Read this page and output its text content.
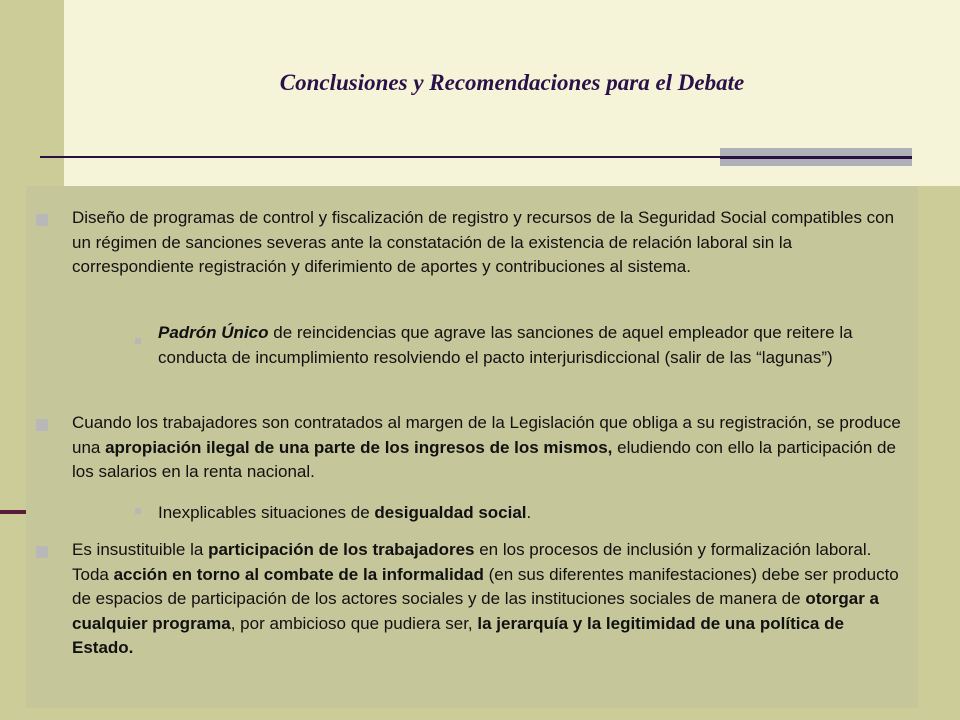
Conclusiones y Recomendaciones para el Debate
Diseño de programas de control y fiscalización de registro y recursos de la Seguridad Social compatibles con un régimen de sanciones severas ante la constatación de la existencia de relación laboral sin la correspondiente registración y diferimiento de aportes y contribuciones al sistema.
Padrón Único de reincidencias que agrave las sanciones de aquel empleador que reitere la conducta de incumplimiento resolviendo el pacto interjurisdiccional (salir de las “lagunas”)
Cuando los trabajadores son contratados al margen de la Legislación que obliga a su registración, se produce una apropiación ilegal de una parte de los ingresos de los mismos, eludiendo con ello la participación de los salarios en la renta nacional.
Inexplicables situaciones de desigualdad social.
Es insustituible la participación de los trabajadores en los procesos de inclusión y formalización laboral. Toda acción en torno al combate de la informalidad (en sus diferentes manifestaciones) debe ser producto de espacios de participación de los actores sociales y de las instituciones sociales de manera de otorgar a cualquier programa, por ambicioso que pudiera ser, la jerarquía y la legitimidad de una política de Estado.
